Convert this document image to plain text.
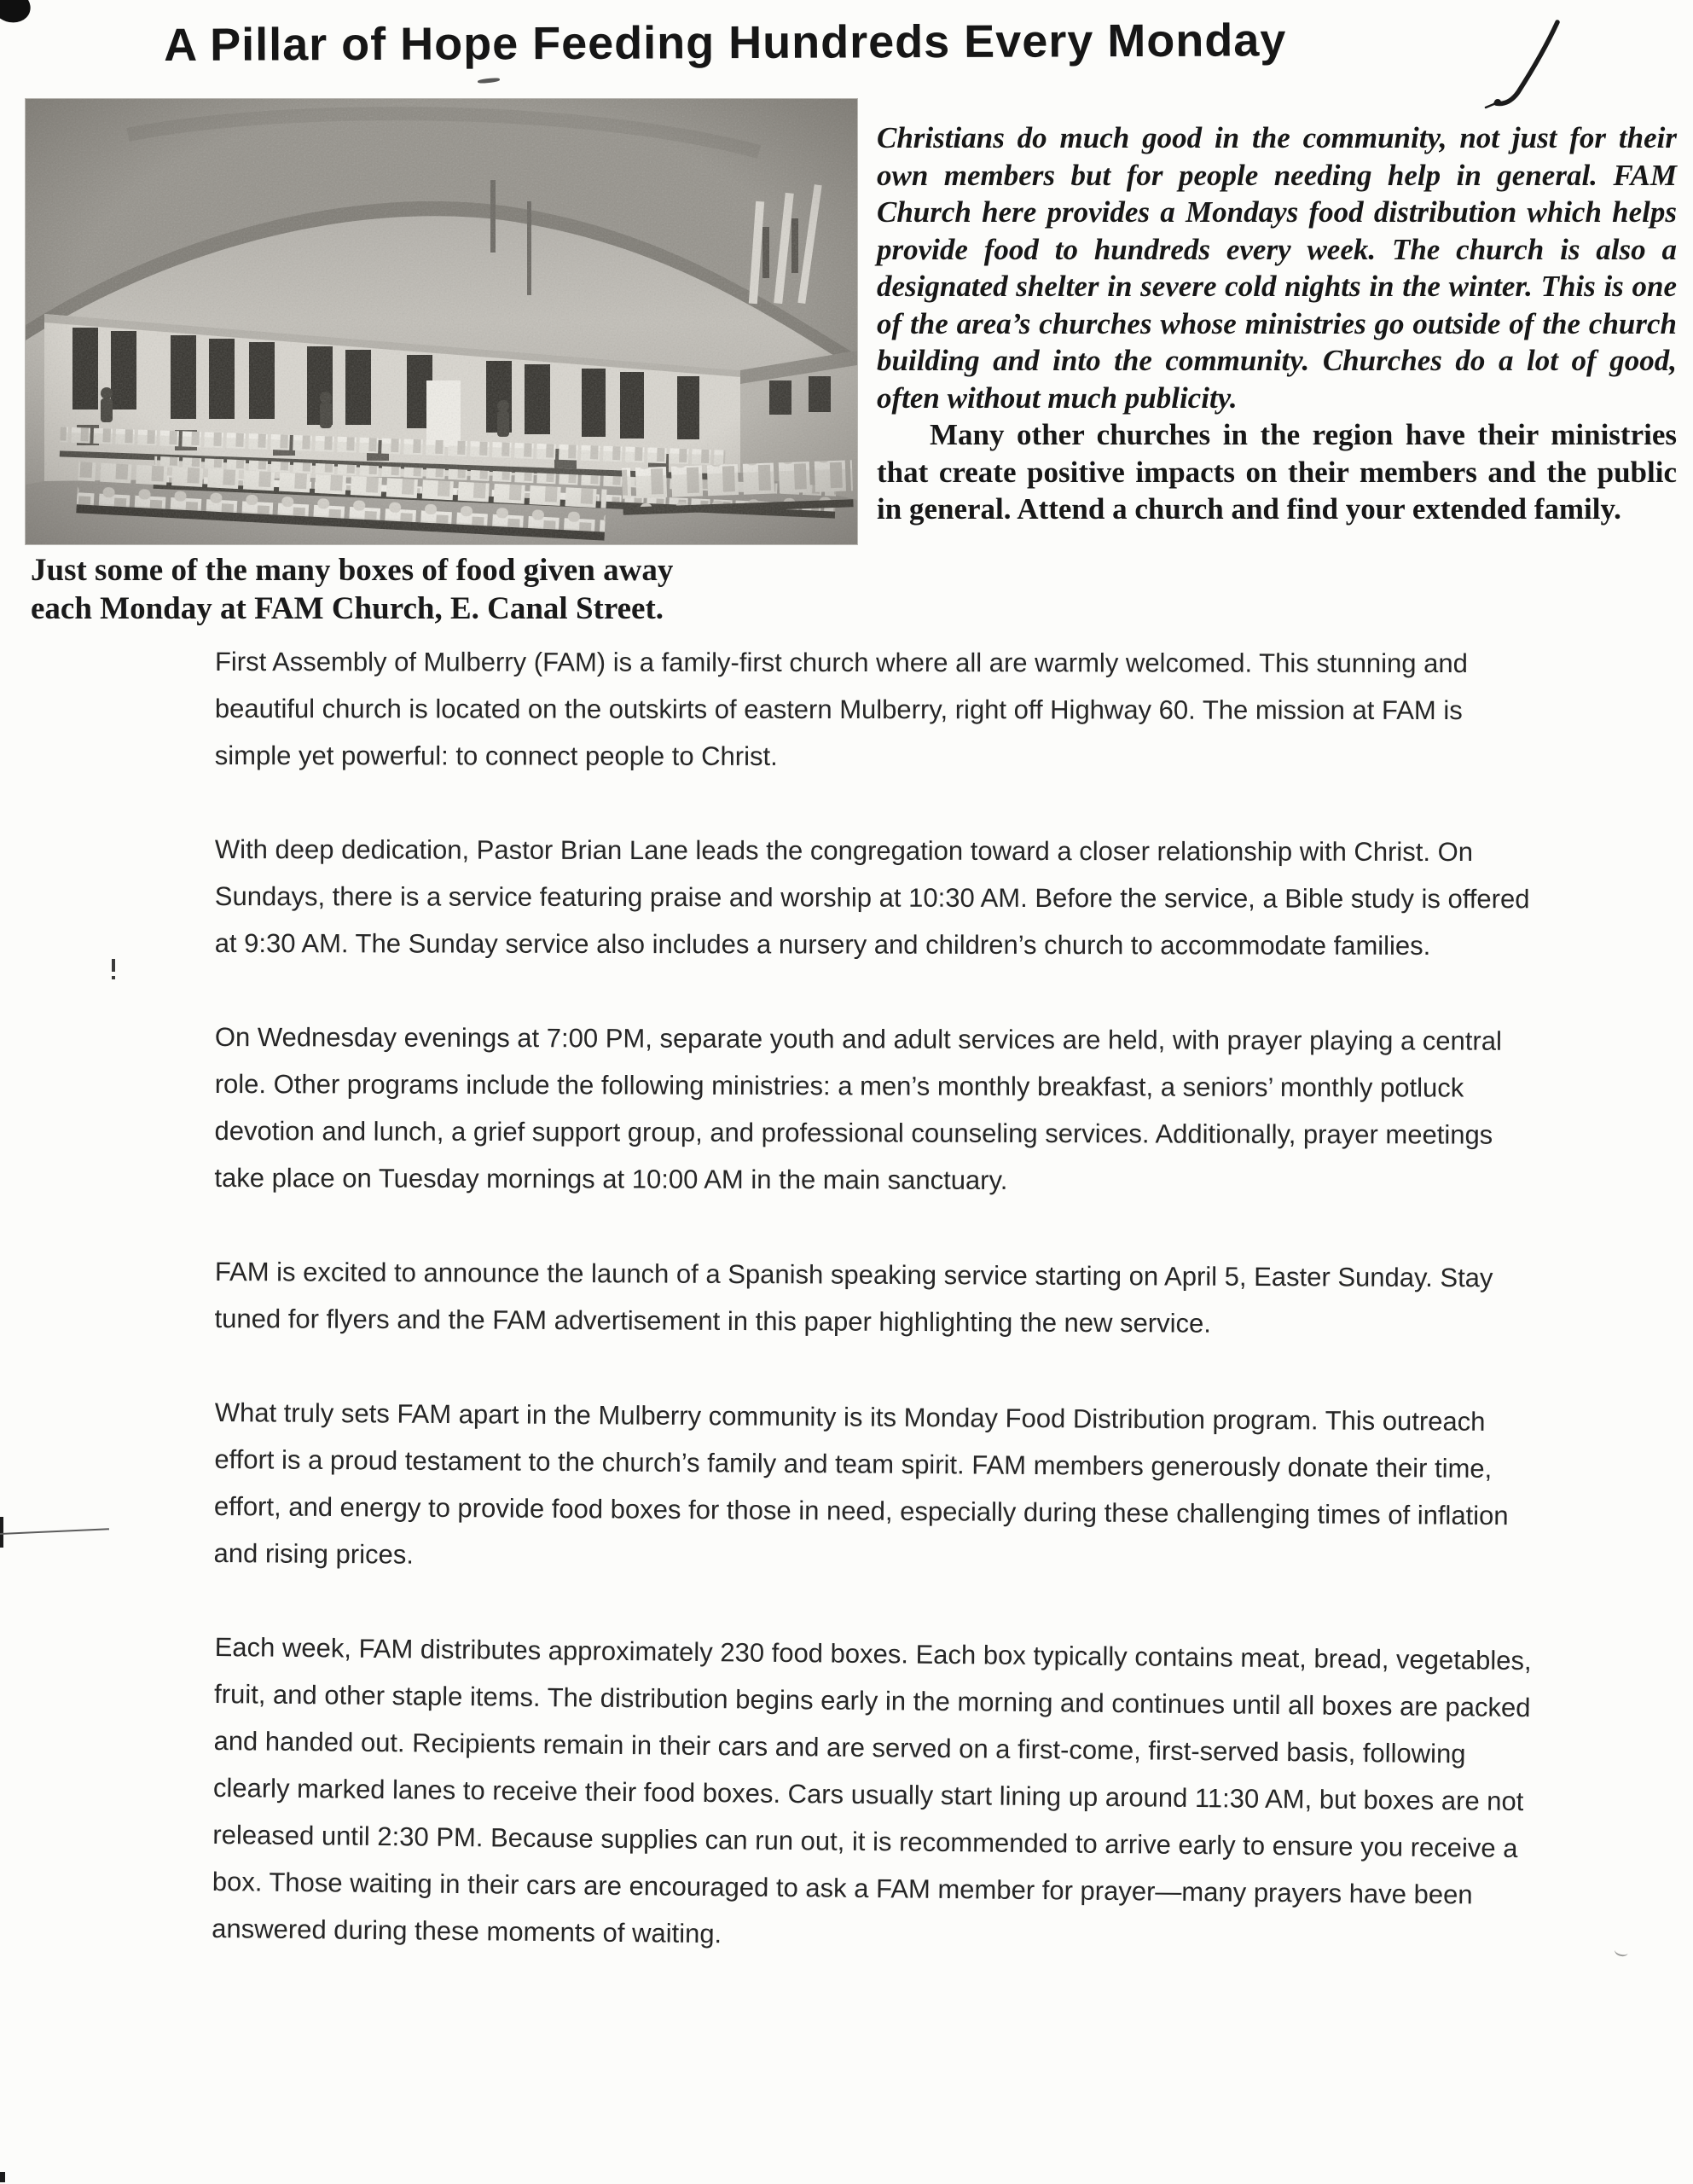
A Pillar of Hope Feeding Hundreds Every Monday
Just some of the many boxes of food given away
each Monday at FAM Church, E. Canal Street.

Christians do much good in the community, not just for their own members but for people needing help in general. FAM Church here provides a Mondays food distribution which helps provide food to hundreds every week. The church is also a designated shelter in severe cold nights in the winter. This is one of the area’s churches whose ministries go outside of the church building and into the community. Churches do a lot of good, often without much publicity.

Many other churches in the region have their ministries that create positive impacts on their members and the public in general. Attend a church and find your extended family.

First Assembly of Mulberry (FAM) is a family-first church where all are warmly welcomed. This stunning and beautiful church is located on the outskirts of eastern Mulberry, right off Highway 60. The mission at FAM is simple yet powerful: to connect people to Christ.

With deep dedication, Pastor Brian Lane leads the congregation toward a closer relationship with Christ. On Sundays, there is a service featuring praise and worship at 10:30 AM. Before the service, a Bible study is offered at 9:30 AM. The Sunday service also includes a nursery and children’s church to accommodate families.

On Wednesday evenings at 7:00 PM, separate youth and adult services are held, with prayer playing a central role. Other programs include the following ministries: a men’s monthly breakfast, a seniors’ monthly potluck devotion and lunch, a grief support group, and professional counseling services. Additionally, prayer meetings take place on Tuesday mornings at 10:00 AM in the main sanctuary.

FAM is excited to announce the launch of a Spanish speaking service starting on April 5, Easter Sunday. Stay tuned for flyers and the FAM advertisement in this paper highlighting the new service.

What truly sets FAM apart in the Mulberry community is its Monday Food Distribution program. This outreach effort is a proud testament to the church’s family and team spirit. FAM members generously donate their time, effort, and energy to provide food boxes for those in need, especially during these challenging times of inflation and rising prices.

Each week, FAM distributes approximately 230 food boxes. Each box typically contains meat, bread, vegetables, fruit, and other staple items. The distribution begins early in the morning and continues until all boxes are packed and handed out. Recipients remain in their cars and are served on a first-come, first-served basis, following clearly marked lanes to receive their food boxes. Cars usually start lining up around 11:30 AM, but boxes are not released until 2:30 PM. Because supplies can run out, it is recommended to arrive early to ensure you receive a box. Those waiting in their cars are encouraged to ask a FAM member for prayer—many prayers have been answered during these moments of waiting.
